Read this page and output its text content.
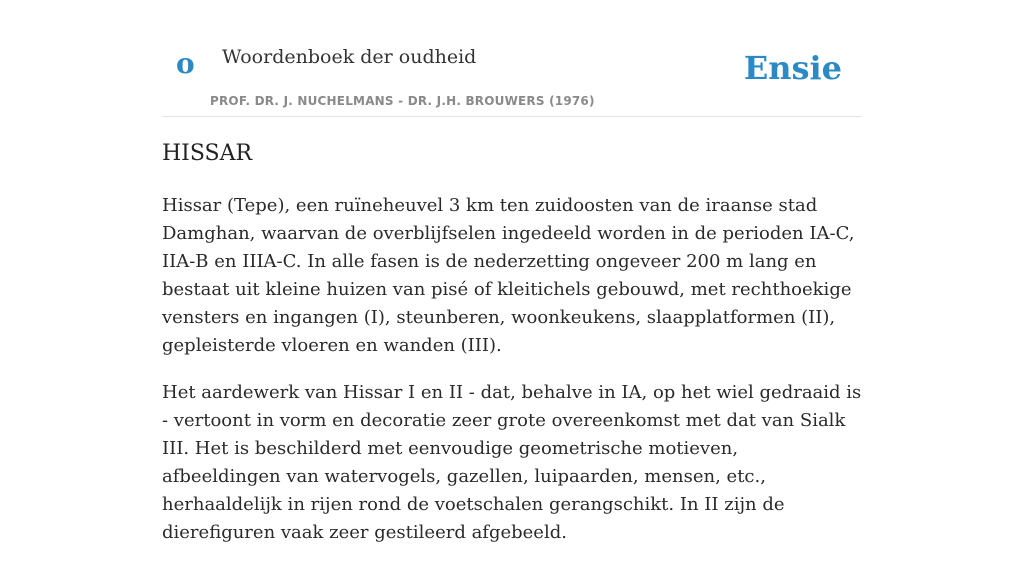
o Woordenboek der oudheid
PROF. DR. J. NUCHELMANS - DR. J.H. BROUWERS (1976)
Ensie
HISSAR

Hissar (Tepe), een ruïneheuvel 3 km ten zuidoosten van de iraanse stad Damghan, waarvan de overblijfselen ingedeeld worden in de perioden IA-C, IIA-B en IIIA-C. In alle fasen is de nederzetting ongeveer 200 m lang en bestaat uit kleine huizen van pisé of kleitichels gebouwd, met rechthoekige vensters en ingangen (I), steunberen, woonkeukens, slaapplatformen (II), gepleisterde vloeren en wanden (III).

Het aardewerk van Hissar I en II - dat, behalve in IA, op het wiel gedraaid is - vertoont in vorm en decoratie zeer grote overeenkomst met dat van Sialk III. Het is beschilderd met eenvoudige geometrische motieven, afbeeldingen van watervogels, gazellen, luipaarden, mensen, etc., herhaaldelijk in rijen rond de voetschalen gerangschikt. In II zijn de dierefiguren vaak zeer gestileerd afgebeeld.
